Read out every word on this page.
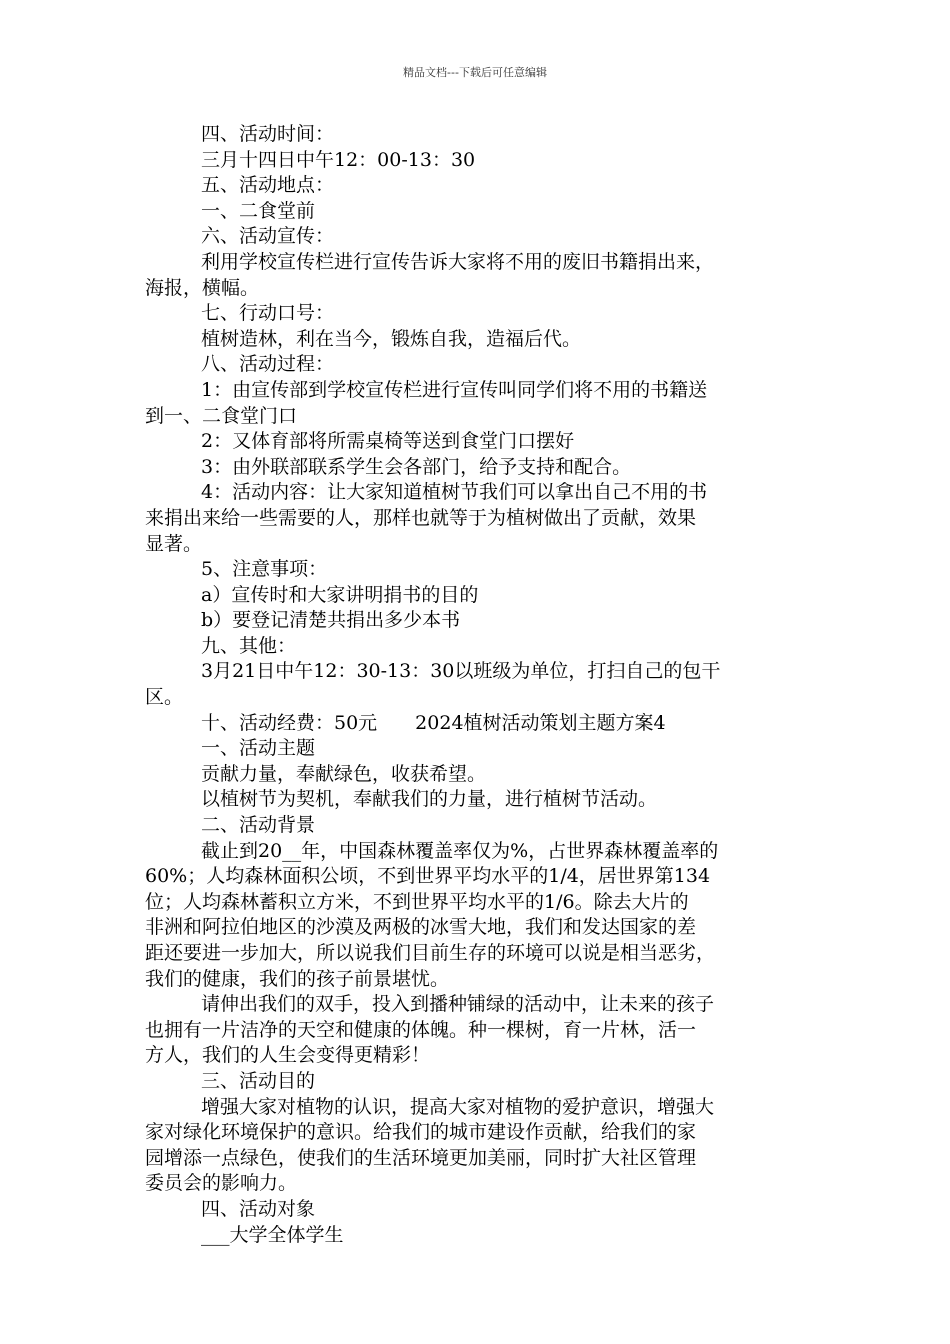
精品文档---下载后可任意编辑
四、活动时间：
三月十四日中午12：00-13：30
五、活动地点：
一、二食堂前
六、活动宣传：
利用学校宣传栏进行宣传告诉大家将不用的废旧书籍捐出来，
海报，横幅。
七、行动口号：
植树造林，利在当今，锻炼自我，造福后代。
八、活动过程：
1：由宣传部到学校宣传栏进行宣传叫同学们将不用的书籍送
到一、二食堂门口
2：又体育部将所需桌椅等送到食堂门口摆好
3：由外联部联系学生会各部门，给予支持和配合。
4：活动内容：让大家知道植树节我们可以拿出自己不用的书
来捐出来给一些需要的人，那样也就等于为植树做出了贡献，效果
显著。
5、注意事项：
a）宣传时和大家讲明捐书的目的
b）要登记清楚共捐出多少本书
九、其他：
3月21日中午12：30-13：30以班级为单位，打扫自己的包干
区。
十、活动经费：50元　　2024植树活动策划主题方案4
一、活动主题
贡献力量，奉献绿色，收获希望。
以植树节为契机，奉献我们的力量，进行植树节活动。
二、活动背景
截止到20__年，中国森林覆盖率仅为%，占世界森林覆盖率的
60%；人均森林面积公顷，不到世界平均水平的1/4，居世界第134
位；人均森林蓄积立方米，不到世界平均水平的1/6。除去大片的
非洲和阿拉伯地区的沙漠及两极的冰雪大地，我们和发达国家的差
距还要进一步加大，所以说我们目前生存的环境可以说是相当恶劣，
我们的健康，我们的孩子前景堪忧。
请伸出我们的双手，投入到播种铺绿的活动中，让未来的孩子
也拥有一片洁净的天空和健康的体魄。种一棵树，育一片林，活一
方人，我们的人生会变得更精彩！
三、活动目的
增强大家对植物的认识，提高大家对植物的爱护意识，增强大
家对绿化环境保护的意识。给我们的城市建设作贡献，给我们的家
园增添一点绿色，使我们的生活环境更加美丽，同时扩大社区管理
委员会的影响力。
四、活动对象
___大学全体学生
